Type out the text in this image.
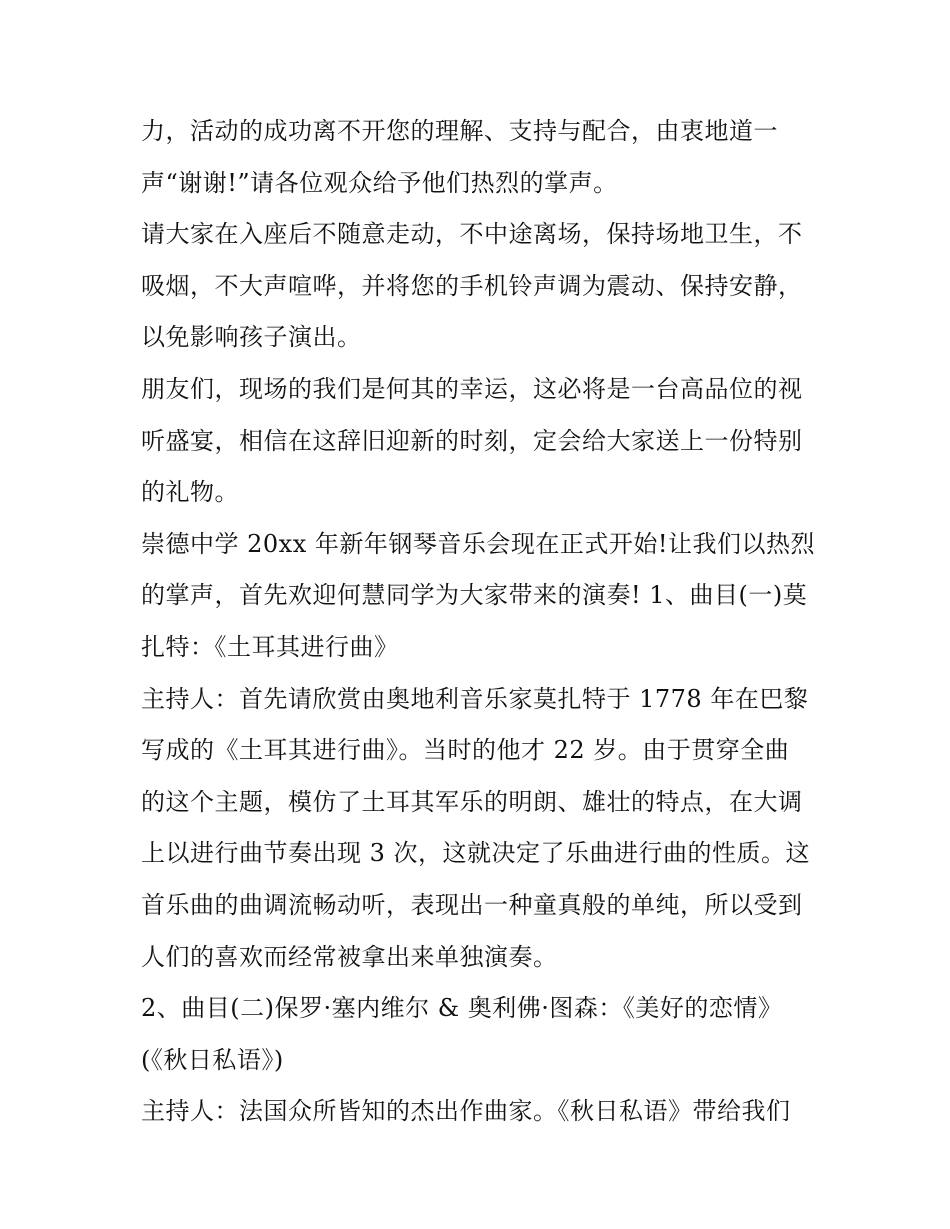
力，活动的成功离不开您的理解、支持与配合，由衷地道一
声“谢谢!”请各位观众给予他们热烈的掌声。
请大家在入座后不随意走动，不中途离场，保持场地卫生，不
吸烟，不大声喧哗，并将您的手机铃声调为震动、保持安静，
以免影响孩子演出。
朋友们，现场的我们是何其的幸运，这必将是一台高品位的视
听盛宴，相信在这辞旧迎新的时刻，定会给大家送上一份特别
的礼物。
崇德中学 20xx 年新年钢琴音乐会现在正式开始!让我们以热烈
的掌声，首先欢迎何慧同学为大家带来的演奏! 1、曲目(一)莫
扎特：《土耳其进行曲》
主持人：首先请欣赏由奥地利音乐家莫扎特于 1778 年在巴黎
写成的《土耳其进行曲》。当时的他才 22 岁。由于贯穿全曲
的这个主题，模仿了土耳其军乐的明朗、雄壮的特点，在大调
上以进行曲节奏出现 3 次，这就决定了乐曲进行曲的性质。这
首乐曲的曲调流畅动听，表现出一种童真般的单纯，所以受到
人们的喜欢而经常被拿出来单独演奏。
2、曲目(二)保罗·塞内维尔 & 奥利佛·图森：《美好的恋情》
(《秋日私语》)
主持人：法国众所皆知的杰出作曲家。《秋日私语》带给我们
